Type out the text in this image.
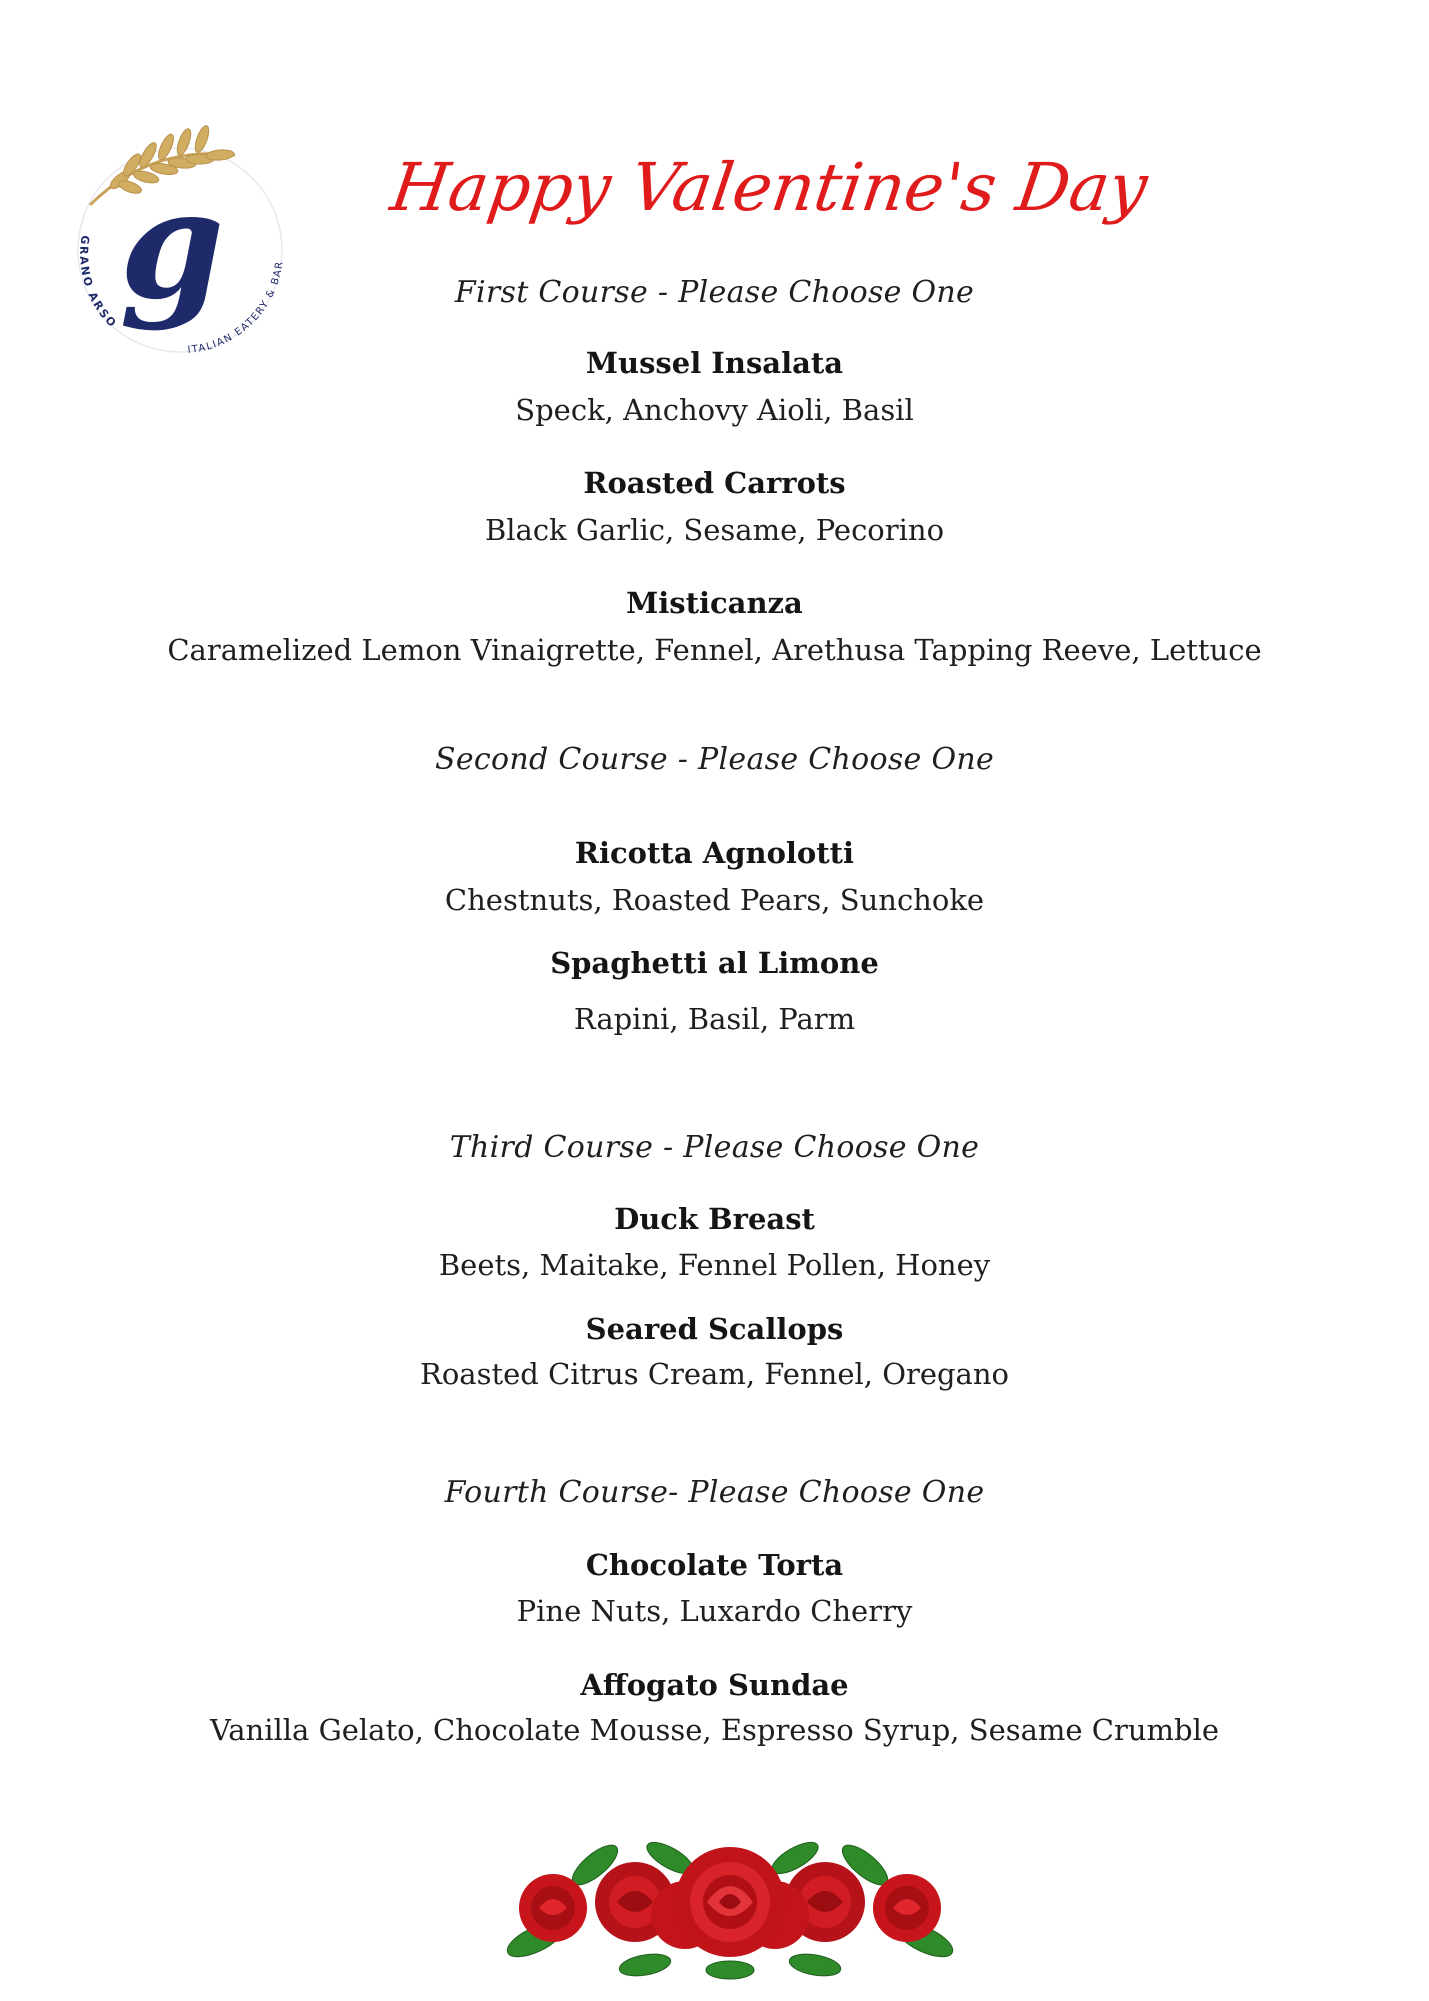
g
GRANO ARSO
ITALIAN EATERY & BAR
Happy Valentine's Day
First Course - Please Choose One
Mussel Insalata
Speck, Anchovy Aioli, Basil
Roasted Carrots
Black Garlic, Sesame, Pecorino
Misticanza
Caramelized Lemon Vinaigrette, Fennel, Arethusa Tapping Reeve, Lettuce
Second Course - Please Choose One
Ricotta Agnolotti
Chestnuts, Roasted Pears, Sunchoke
Spaghetti al Limone
Rapini, Basil, Parm
Third Course - Please Choose One
Duck Breast
Beets, Maitake, Fennel Pollen, Honey
Seared Scallops
Roasted Citrus Cream, Fennel, Oregano
Fourth Course- Please Choose One
Chocolate Torta
Pine Nuts, Luxardo Cherry
Affogato Sundae
Vanilla Gelato, Chocolate Mousse, Espresso Syrup, Sesame Crumble
